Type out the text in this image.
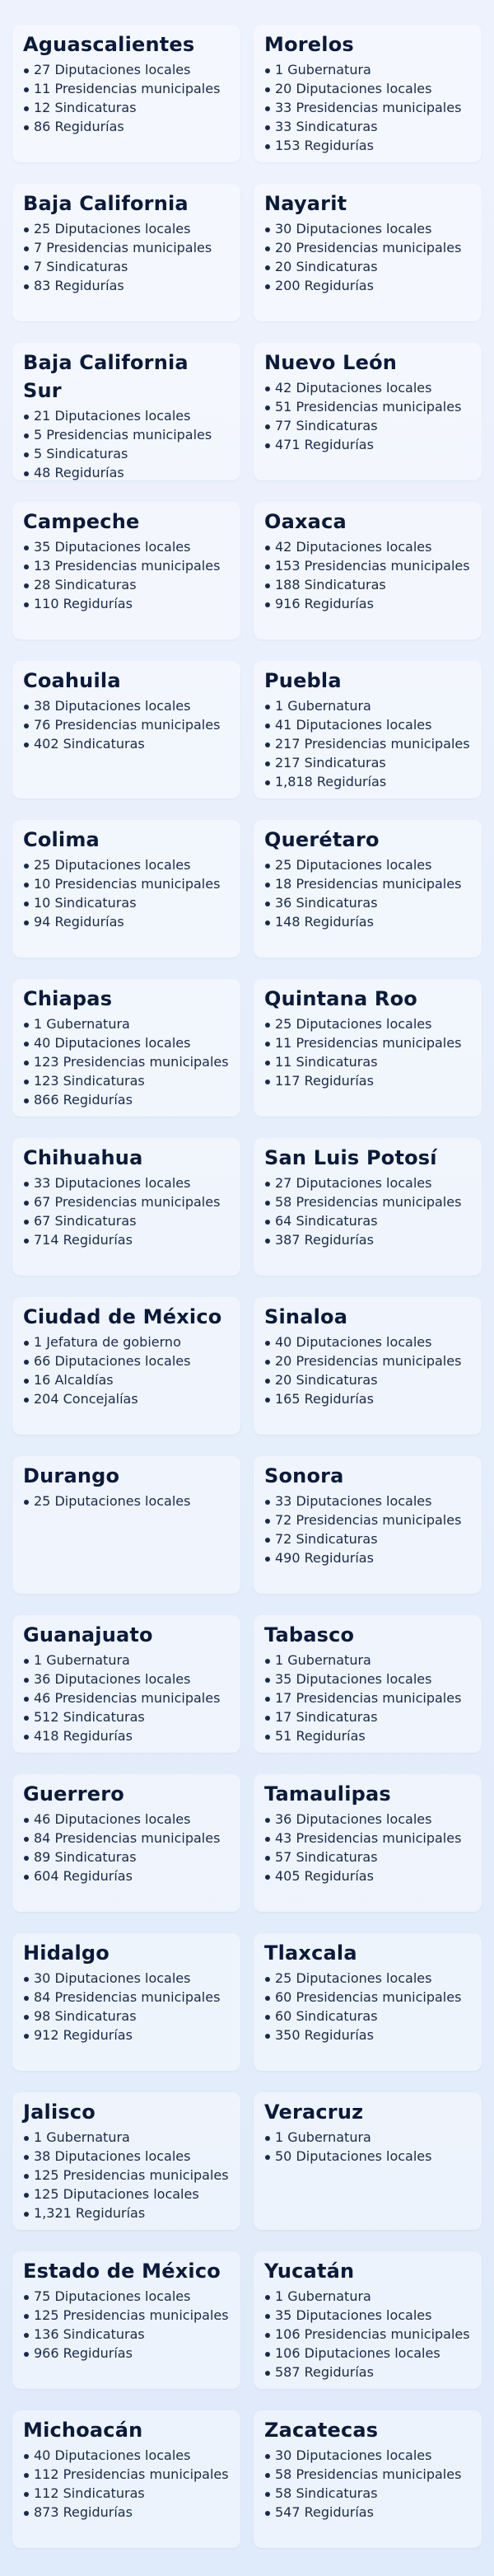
Aguascalientes
27 Diputaciones locales
11 Presidencias municipales
12 Sindicaturas
86 Regidurías
Morelos
1 Gubernatura
20 Diputaciones locales
33 Presidencias municipales
33 Sindicaturas
153 Regidurías
Baja California
25 Diputaciones locales
7 Presidencias municipales
7 Sindicaturas
83 Regidurías
Nayarit
30 Diputaciones locales
20 Presidencias municipales
20 Sindicaturas
200 Regidurías
Baja California Sur
21 Diputaciones locales
5 Presidencias municipales
5 Sindicaturas
48 Regidurías
Nuevo León
42 Diputaciones locales
51 Presidencias municipales
77 Sindicaturas
471 Regidurías
Campeche
35 Diputaciones locales
13 Presidencias municipales
28 Sindicaturas
110 Regidurías
Oaxaca
42 Diputaciones locales
153 Presidencias municipales
188 Sindicaturas
916 Regidurías
Coahuila
38 Diputaciones locales
76 Presidencias municipales
402 Sindicaturas
Puebla
1 Gubernatura
41 Diputaciones locales
217 Presidencias municipales
217 Sindicaturas
1,818 Regidurías
Colima
25 Diputaciones locales
10 Presidencias municipales
10 Sindicaturas
94 Regidurías
Querétaro
25 Diputaciones locales
18 Presidencias municipales
36 Sindicaturas
148 Regidurías
Chiapas
1 Gubernatura
40 Diputaciones locales
123 Presidencias municipales
123 Sindicaturas
866 Regidurías
Quintana Roo
25 Diputaciones locales
11 Presidencias municipales
11 Sindicaturas
117 Regidurías
Chihuahua
33 Diputaciones locales
67 Presidencias municipales
67 Sindicaturas
714 Regidurías
San Luis Potosí
27 Diputaciones locales
58 Presidencias municipales
64 Sindicaturas
387 Regidurías
Ciudad de México
1 Jefatura de gobierno
66 Diputaciones locales
16 Alcaldías
204 Concejalías
Sinaloa
40 Diputaciones locales
20 Presidencias municipales
20 Sindicaturas
165 Regidurías
Durango
25 Diputaciones locales
Sonora
33 Diputaciones locales
72 Presidencias municipales
72 Sindicaturas
490 Regidurías
Guanajuato
1 Gubernatura
36 Diputaciones locales
46 Presidencias municipales
512 Sindicaturas
418 Regidurías
Tabasco
1 Gubernatura
35 Diputaciones locales
17 Presidencias municipales
17 Sindicaturas
51 Regidurías
Guerrero
46 Diputaciones locales
84 Presidencias municipales
89 Sindicaturas
604 Regidurías
Tamaulipas
36 Diputaciones locales
43 Presidencias municipales
57 Sindicaturas
405 Regidurías
Hidalgo
30 Diputaciones locales
84 Presidencias municipales
98 Sindicaturas
912 Regidurías
Tlaxcala
25 Diputaciones locales
60 Presidencias municipales
60 Sindicaturas
350 Regidurías
Jalisco
1 Gubernatura
38 Diputaciones locales
125 Presidencias municipales
125 Diputaciones locales
1,321 Regidurías
Veracruz
1 Gubernatura
50 Diputaciones locales
Estado de México
75 Diputaciones locales
125 Presidencias municipales
136 Sindicaturas
966 Regidurías
Yucatán
1 Gubernatura
35 Diputaciones locales
106 Presidencias municipales
106 Diputaciones locales
587 Regidurías
Michoacán
40 Diputaciones locales
112 Presidencias municipales
112 Sindicaturas
873 Regidurías
Zacatecas
30 Diputaciones locales
58 Presidencias municipales
58 Sindicaturas
547 Regidurías
